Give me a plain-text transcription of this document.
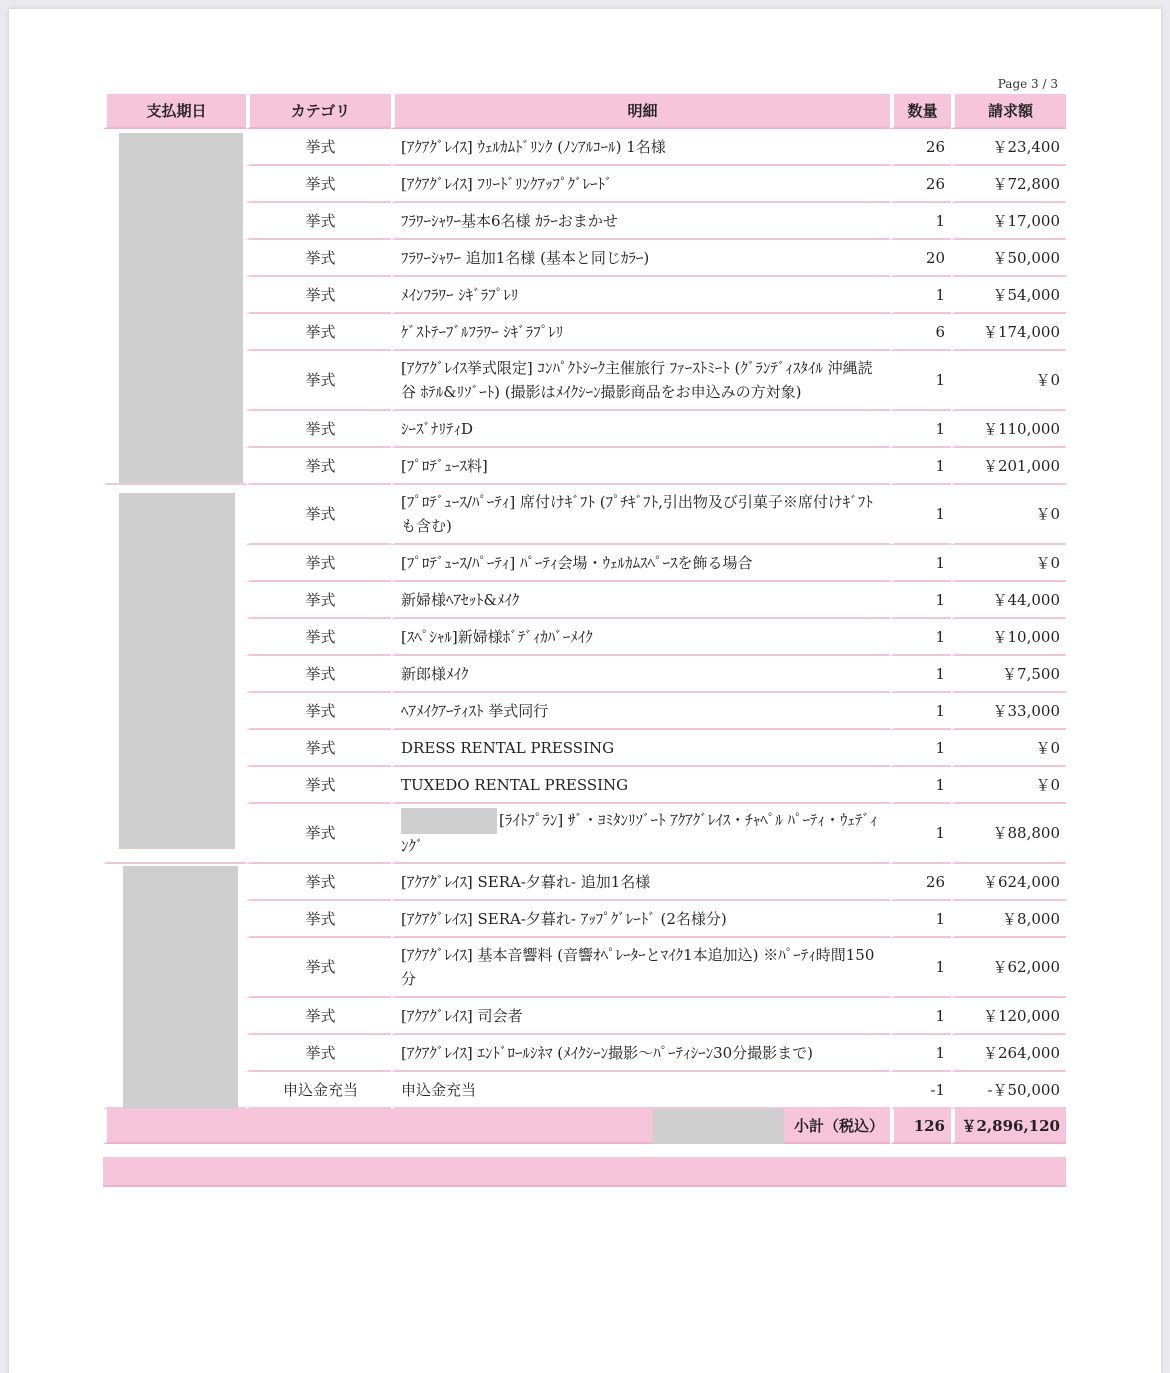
Page 3 / 3
支払期日	カテゴリ	明細	数量	請求額

	挙式	[ｱｸｱｸﾞﾚｲｽ] ｳｪﾙｶﾑﾄﾞﾘﾝｸ (ﾉﾝｱﾙｺｰﾙ) 1名様	26	￥23,400
	挙式	[ｱｸｱｸﾞﾚｲｽ] ﾌﾘｰﾄﾞﾘﾝｸｱｯﾌﾟｸﾞﾚｰﾄﾞ	26	￥72,800
	挙式	ﾌﾗﾜｰｼｬﾜｰ基本6名様 ｶﾗｰおまかせ	1	￥17,000
	挙式	ﾌﾗﾜｰｼｬﾜｰ 追加1名様 (基本と同じｶﾗｰ)	20	￥50,000
	挙式	ﾒｲﾝﾌﾗﾜｰ ｼｷﾞﾗﾌﾟﾚﾘ	1	￥54,000
	挙式	ｹﾞｽﾄﾃｰﾌﾞﾙﾌﾗﾜｰ ｼｷﾞﾗﾌﾟﾚﾘ	6	￥174,000
	挙式	[ｱｸｱｸﾞﾚｲｽ挙式限定] ｺﾝﾊﾟｸﾄｼｰｸ主催旅行 ﾌｧｰｽﾄﾐｰﾄ (ｸﾞﾗﾝﾃﾞｨｽﾀｲﾙ 沖縄読谷 ﾎﾃﾙ&ﾘｿﾞｰﾄ) (撮影はﾒｲｸｼｰﾝ撮影商品をお申込みの方対象)	1	￥0
	挙式	ｼｰｽﾞﾅﾘﾃｨD	1	￥110,000
	挙式	[ﾌﾟﾛﾃﾞｭｰｽ料]	1	￥201,000

	挙式	[ﾌﾟﾛﾃﾞｭｰｽ/ﾊﾟｰﾃｨ] 席付けｷﾞﾌﾄ (ﾌﾟﾁｷﾞﾌﾄ,引出物及び引菓子※席付けｷﾞﾌﾄも含む)	1	￥0
	挙式	[ﾌﾟﾛﾃﾞｭｰｽ/ﾊﾟｰﾃｨ] ﾊﾟｰﾃｨ会場・ｳｪﾙｶﾑｽﾍﾟｰｽを飾る場合	1	￥0
	挙式	新婦様ﾍｱｾｯﾄ&ﾒｲｸ	1	￥44,000
	挙式	[ｽﾍﾟｼｬﾙ]新婦様ﾎﾞﾃﾞｨｶﾊﾞｰﾒｲｸ	1	￥10,000
	挙式	新郎様ﾒｲｸ	1	￥7,500
	挙式	ﾍｱﾒｲｸｱｰﾃｨｽﾄ 挙式同行	1	￥33,000
	挙式	DRESS RENTAL PRESSING	1	￥0
	挙式	TUXEDO RENTAL PRESSING	1	￥0
	挙式	[ﾗｲﾄﾌﾟﾗﾝ] ｻﾞ・ﾖﾐﾀﾝﾘｿﾞｰﾄ ｱｸｱｸﾞﾚｲｽ・ﾁｬﾍﾟﾙ ﾊﾟｰﾃｨ・ｳｪﾃﾞｨﾝｸﾞ	1	￥88,800

	挙式	[ｱｸｱｸﾞﾚｲｽ] SERA-夕暮れ- 追加1名様	26	￥624,000
	挙式	[ｱｸｱｸﾞﾚｲｽ] SERA-夕暮れ- ｱｯﾌﾟｸﾞﾚｰﾄﾞ (2名様分)	1	￥8,000
	挙式	[ｱｸｱｸﾞﾚｲｽ] 基本音響料 (音響ｵﾍﾟﾚｰﾀｰとﾏｲｸ1本追加込) ※ﾊﾟｰﾃｨ時間150分	1	￥62,000
	挙式	[ｱｸｱｸﾞﾚｲｽ] 司会者	1	￥120,000
	挙式	[ｱｸｱｸﾞﾚｲｽ] ｴﾝﾄﾞﾛｰﾙｼﾈﾏ (ﾒｲｸｼｰﾝ撮影～ﾊﾟｰﾃｨｼｰﾝ30分撮影まで)	1	￥264,000
	申込金充当	申込金充当	-1	-￥50,000

小計（税込）			126	￥2,896,120
